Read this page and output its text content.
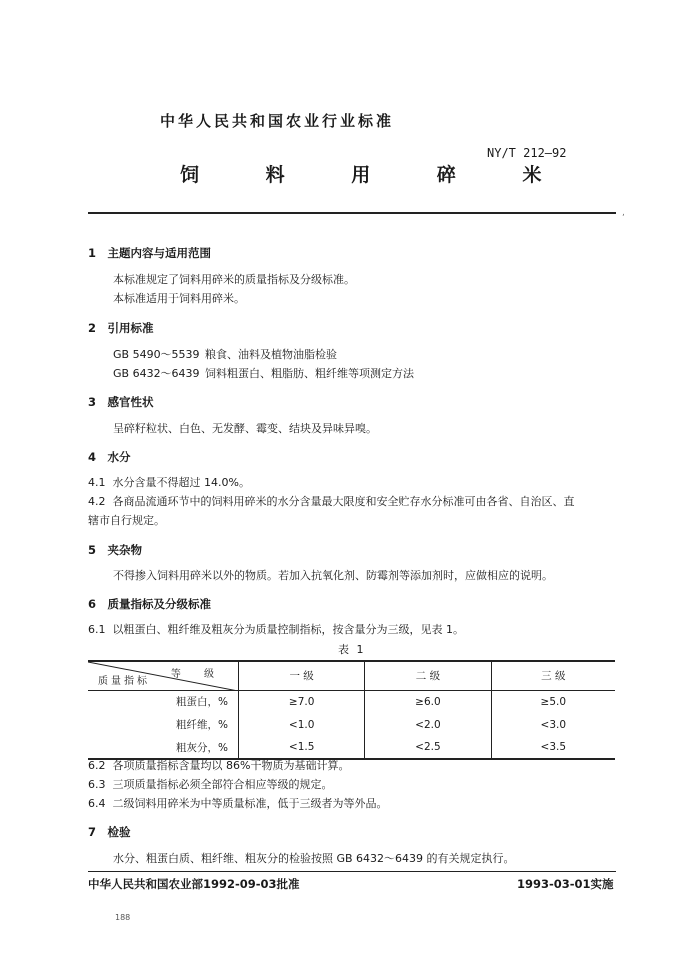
中华人民共和国农业行业标准
NY/T 212—92
饲 料 用 碎 米
,
1　主题内容与适用范围
本标准规定了饲料用碎米的质量指标及分级标准。
本标准适用于饲料用碎米。
2　引用标准
GB 5490～5539 粮食、油料及植物油脂检验
GB 6432～6439 饲料粗蛋白、粗脂肪、粗纤维等项测定方法
3　感官性状
呈碎籽粒状、白色、无发酵、霉变、结块及异味异嗅。
4　水分
4.1 水分含量不得超过 14.0%。
4.2 各商品流通环节中的饲料用碎米的水分含量最大限度和安全贮存水分标准可由各省、自治区、直
辖市自行规定。
5　夹杂物
不得掺入饲料用碎米以外的物质。若加入抗氧化剂、防霉剂等添加剂时，应做相应的说明。
6　质量指标及分级标准
6.1 以粗蛋白、粗纤维及粗灰分为质量控制指标，按含量分为三级，见表 1。
表 1
等 级
质量指标	一 级	二 级	三 级
粗蛋白，%	≥7.0	≥6.0	≥5.0
粗纤维，%	<1.0	<2.0	<3.0
粗灰分，%	<1.5	<2.5	<3.5
6.2 各项质量指标含量均以 86%干物质为基础计算。
6.3 三项质量指标必须全部符合相应等级的规定。
6.4 二级饲料用碎米为中等质量标准，低于三级者为等外品。
7　检验
水分、粗蛋白质、粗纤维、粗灰分的检验按照 GB 6432～6439 的有关规定执行。
中华人民共和国农业部1992-09-03批准	1993-03-01实施
188
